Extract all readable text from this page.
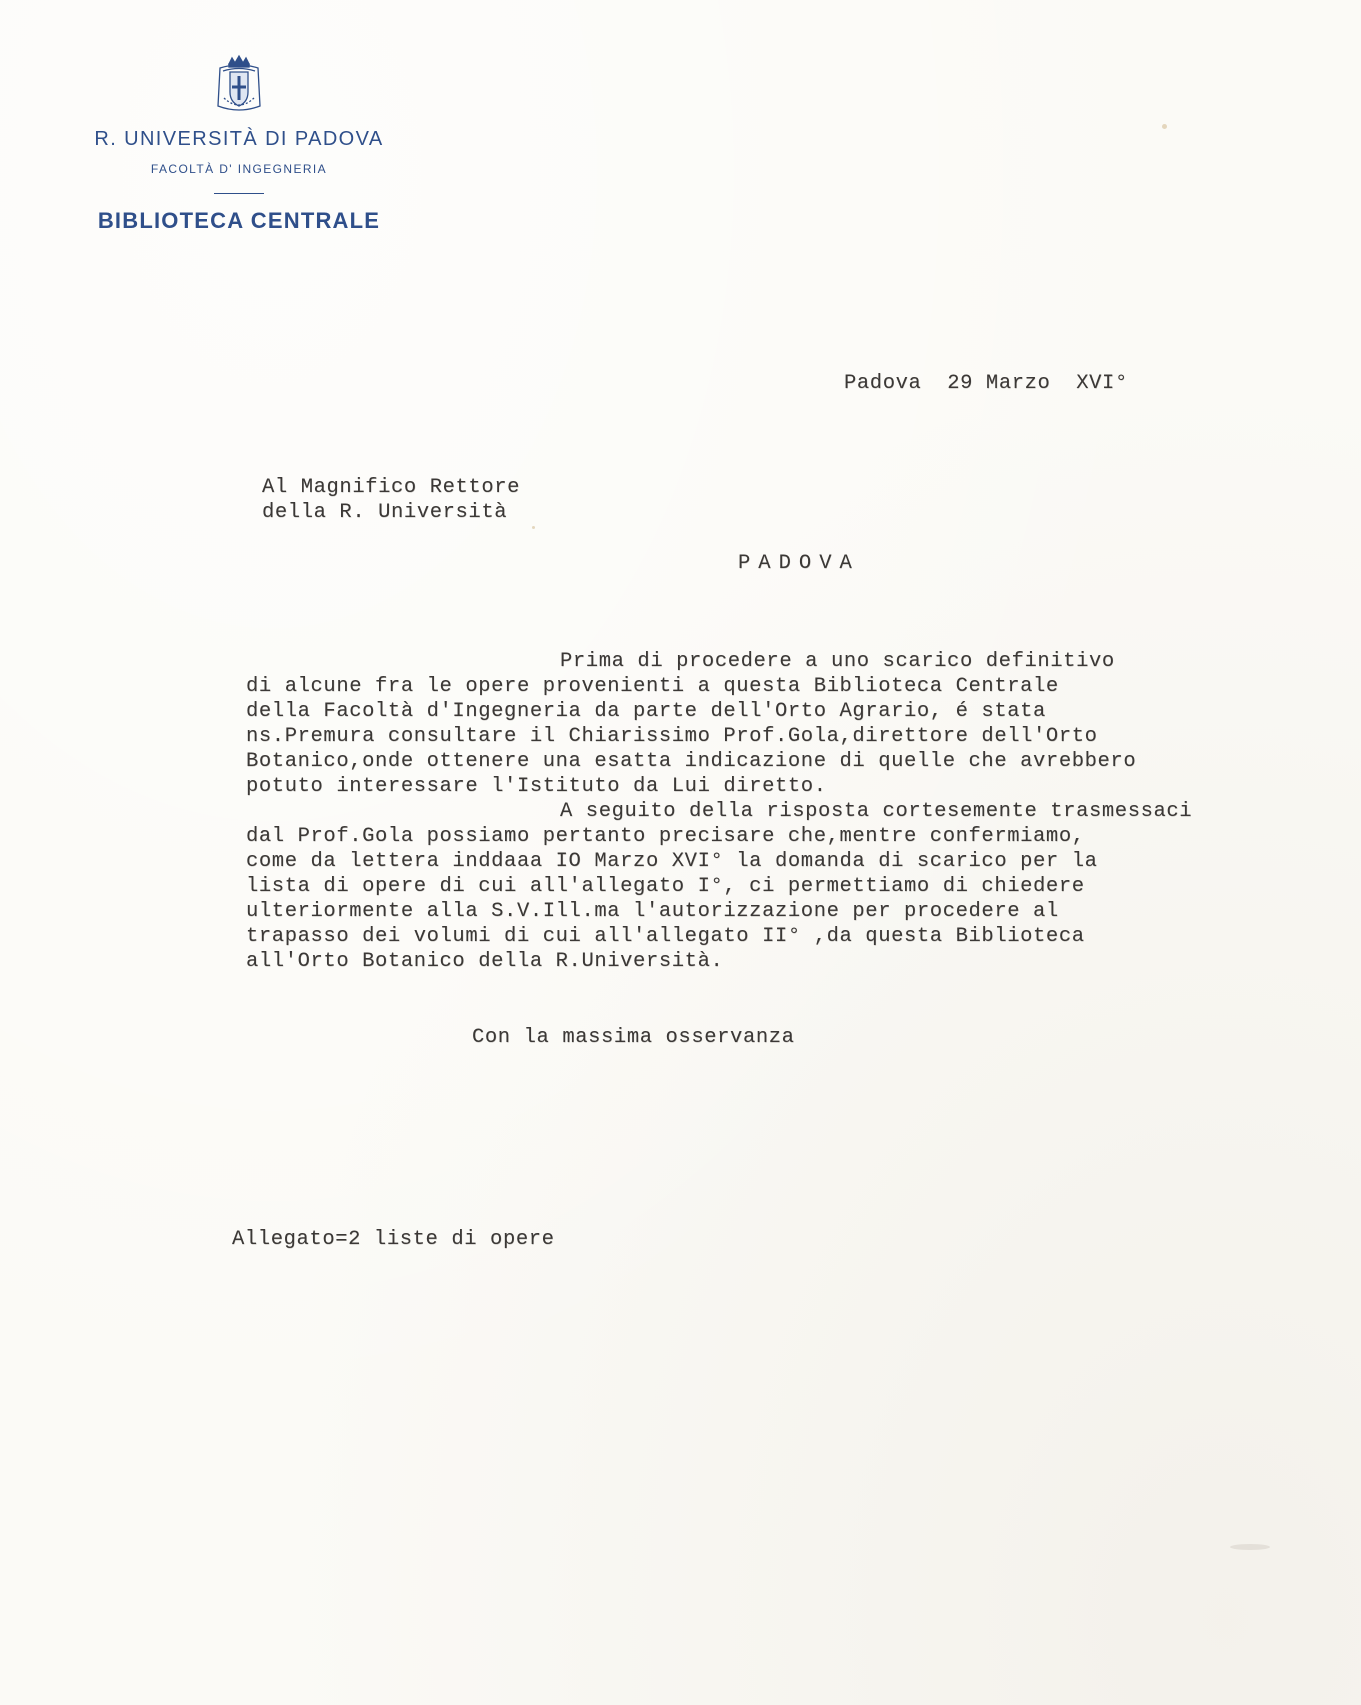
R. UNIVERSITÀ DI PADOVA
FACOLTÀ D' INGEGNERIA
BIBLIOTECA CENTRALE
Padova  29 Marzo  XVI°
Al Magnifico Rettore
della R. Università
PADOVA
Prima di procedere a uno scarico definitivo
di alcune fra le opere provenienti a questa Biblioteca Centrale
della Facoltà d'Ingegneria da parte dell'Orto Agrario, é stata
ns.Premura consultare il Chiarissimo Prof.Gola,direttore dell'Orto
Botanico,onde ottenere una esatta indicazione di quelle che avrebbero
potuto interessare l'Istituto da Lui diretto.
A seguito della risposta cortesemente trasmessaci
dal Prof.Gola possiamo pertanto precisare che,mentre confermiamo,
come da lettera inddaaa IO Marzo XVI° la domanda di scarico per la
lista di opere di cui all'allegato I°, ci permettiamo di chiedere
ulteriormente alla S.V.Ill.ma l'autorizzazione per procedere al
trapasso dei volumi di cui all'allegato II° ,da questa Biblioteca
all'Orto Botanico della R.Università.
Con la massima osservanza
Allegato=2 liste di opere
